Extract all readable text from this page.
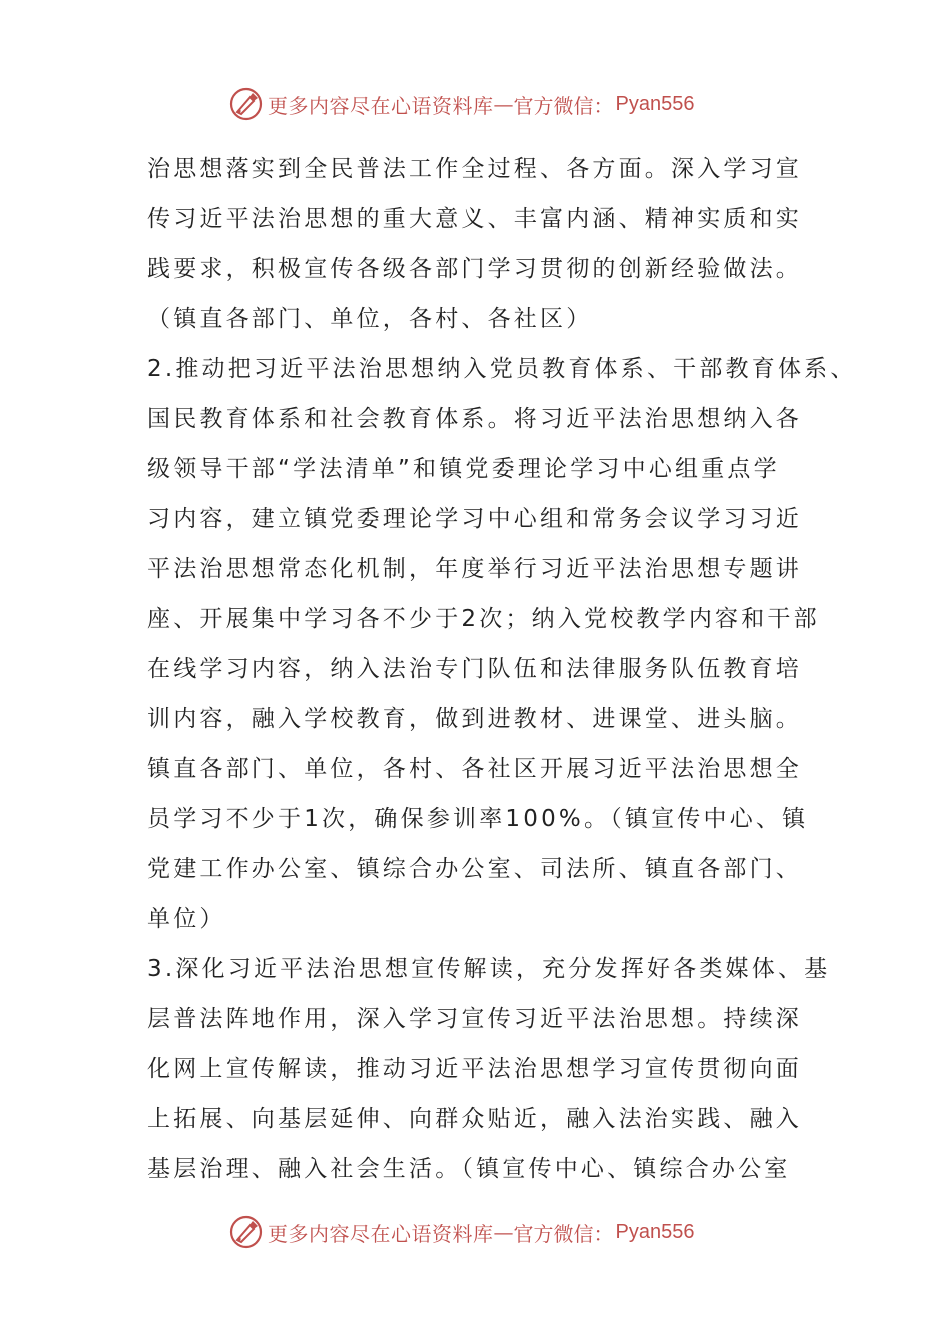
更多内容尽在心语资料库 — 官方微信： Pyan556
治思想落实到全民普法工作全过程、各方面。深入学习宣
传习近平法治思想的重大意义、丰富内涵、精神实质和实
践要求，积极宣传各级各部门学习贯彻的创新经验做法。
（镇直各部门、单位，各村、各社区）
2.推动把习近平法治思想纳入党员教育体系、干部教育体系、
国民教育体系和社会教育体系。将习近平法治思想纳入各
级领导干部“学法清单”和镇党委理论学习中心组重点学
习内容，建立镇党委理论学习中心组和常务会议学习习近
平法治思想常态化机制，年度举行习近平法治思想专题讲
座、开展集中学习各不少于2次；纳入党校教学内容和干部
在线学习内容，纳入法治专门队伍和法律服务队伍教育培
训内容，融入学校教育，做到进教材、进课堂、进头脑。
镇直各部门、单位，各村、各社区开展习近平法治思想全
员学习不少于1次，确保参训率100%。（镇宣传中心、镇
党建工作办公室、镇综合办公室、司法所、镇直各部门、
单位）
3.深化习近平法治思想宣传解读，充分发挥好各类媒体、基
层普法阵地作用，深入学习宣传习近平法治思想。持续深
化网上宣传解读，推动习近平法治思想学习宣传贯彻向面
上拓展、向基层延伸、向群众贴近，融入法治实践、融入
基层治理、融入社会生活。（镇宣传中心、镇综合办公室
更多内容尽在心语资料库 — 官方微信： Pyan556
